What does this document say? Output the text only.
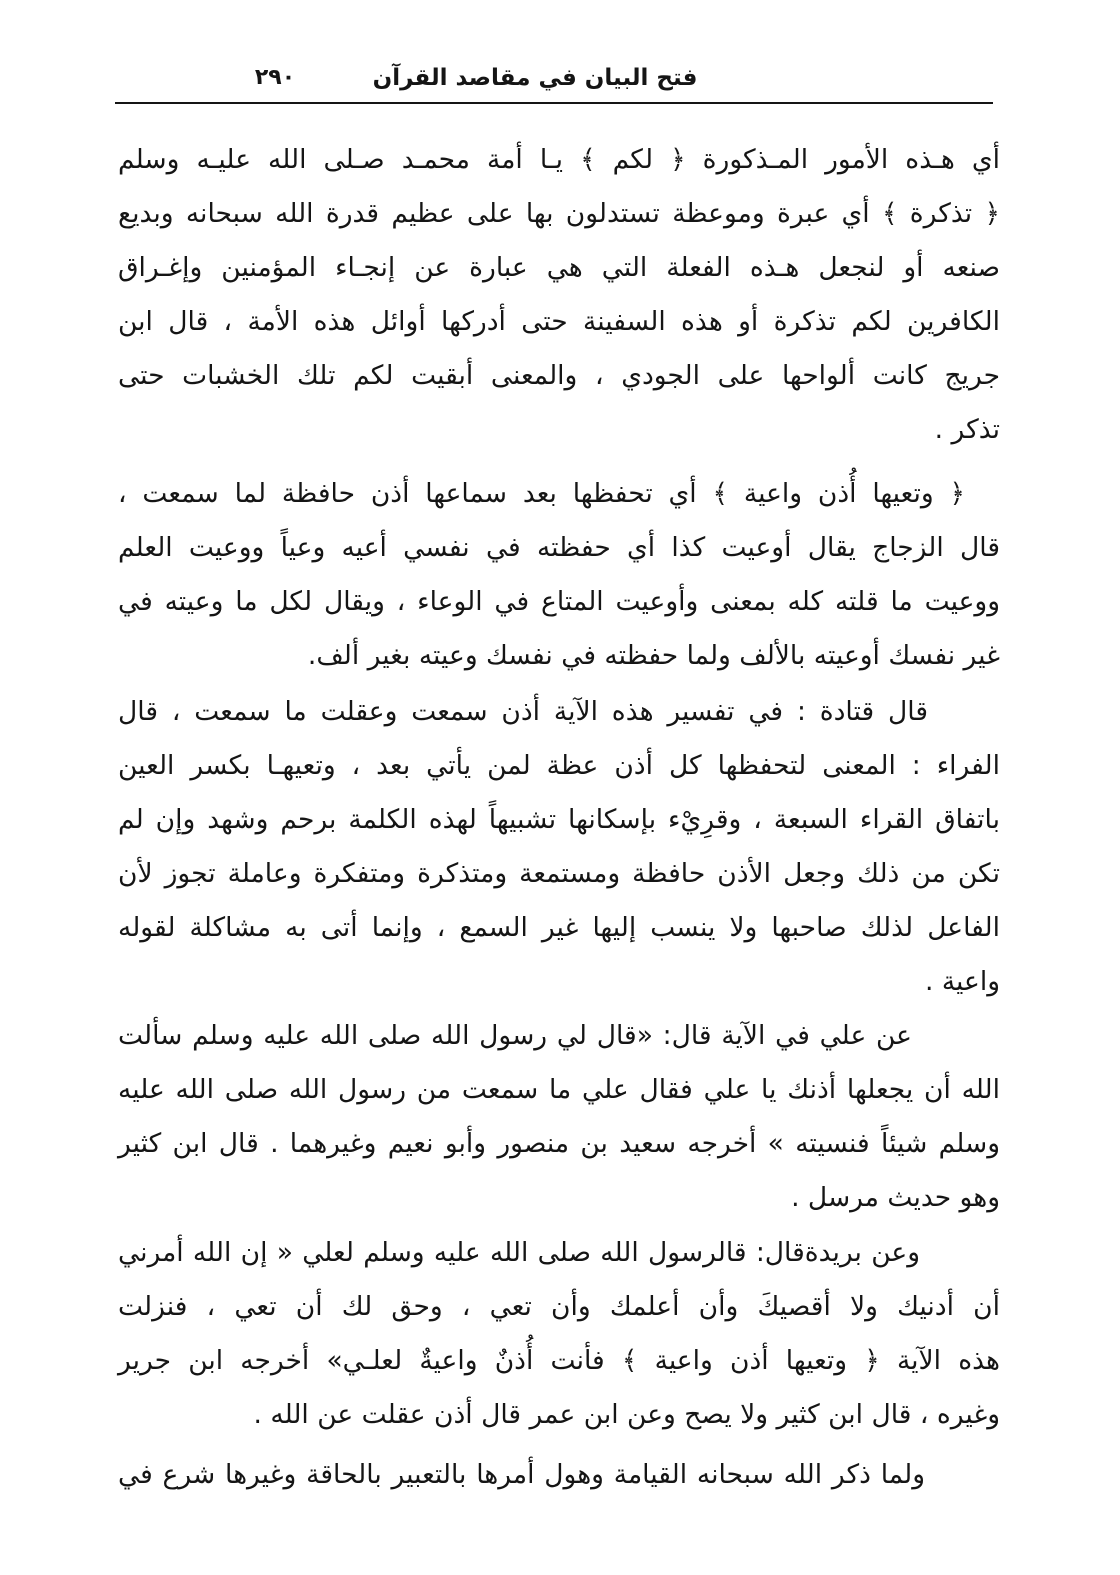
٢٩٠	فتح البيان في مقاصد القرآن
أي هـذه الأمور المـذكورة ﴿ لكم ﴾ يـا أمة محمـد صـلى الله عليـه وسلم
﴿ تذكرة ﴾ أي عبرة وموعظة تستدلون بها على عظيم قدرة الله سبحانه وبديع
صنعه أو لنجعل هـذه الفعلة التي هي عبارة عن إنجـاء المؤمنين وإغـراق
الكافرين لكم تذكرة أو هذه السفينة حتى أدركها أوائل هذه الأمة ، قال ابن
جريج كانت ألواحها على الجودي ، والمعنى أبقيت لكم تلك الخشبات حتى
تذكر .
﴿ وتعيها أُذن واعية ﴾ أي تحفظها بعد سماعها أذن حافظة لما سمعت ،
قال الزجاج يقال أوعيت كذا أي حفظته في نفسي أعيه وعياً ووعيت العلم
ووعيت ما قلته كله بمعنى وأوعيت المتاع في الوعاء ، ويقال لكل ما وعيته في
غير نفسك أوعيته بالألف ولما حفظته في نفسك وعيته بغير ألف.
قال قتادة : في تفسير هذه الآية أذن سمعت وعقلت ما سمعت ، قال
الفراء : المعنى لتحفظها كل أذن عظة لمن يأتي بعد ، وتعيهـا بكسر العين
باتفاق القراء السبعة ، وقرِيْء بإسكانها تشبيهاً لهذه الكلمة برحم وشهد وإن لم
تكن من ذلك وجعل الأذن حافظة ومستمعة ومتذكرة ومتفكرة وعاملة تجوز لأن
الفاعل لذلك صاحبها ولا ينسب إليها غير السمع ، وإنما أتى به مشاكلة لقوله
واعية .
عن علي في الآية قال: «قال لي رسول الله صلى الله عليه وسلم سألت
الله أن يجعلها أذنك يا علي فقال علي ما سمعت من رسول الله صلى الله عليه
وسلم شيئاً فنسيته » أخرجه سعيد بن منصور وأبو نعيم وغيرهما . قال ابن كثير
وهو حديث مرسل .
وعن بريدةقال: قالرسول الله صلى الله عليه وسلم لعلي « إن الله أمرني
أن أدنيك ولا أقصيكَ وأن أعلمك وأن تعي ، وحق لك أن تعي ، فنزلت
هذه الآية ﴿ وتعيها أذن واعية ﴾ فأنت أُذنٌ واعيةٌ لعلـي» أخرجه ابن جرير
وغيره ، قال ابن كثير ولا يصح وعن ابن عمر قال أذن عقلت عن الله .
ولما ذكر الله سبحانه القيامة وهول أمرها بالتعبير بالحاقة وغيرها شرع في
